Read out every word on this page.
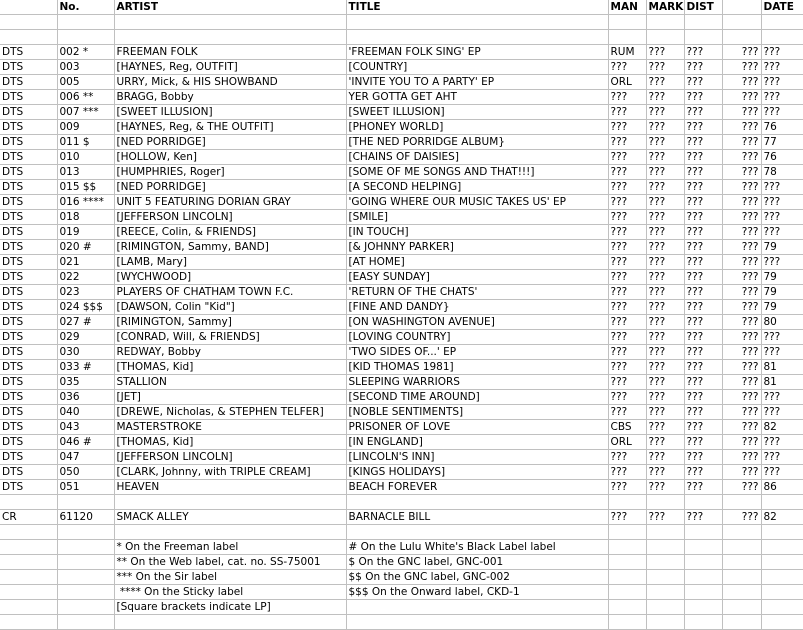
	No.	ARTIST	TITLE	MAN	MARK	DIST		DATE

DTS	002 *	FREEMAN FOLK	'FREEMAN FOLK SING' EP	RUM	???	???	???	???
DTS	003	[HAYNES, Reg, OUTFIT]	[COUNTRY]	???	???	???	???	???
DTS	005	URRY, Mick, & HIS SHOWBAND	'INVITE YOU TO A PARTY' EP	ORL	???	???	???	???
DTS	006 **	BRAGG, Bobby	YER GOTTA GET AHT	???	???	???	???	???
DTS	007 ***	[SWEET ILLUSION]	[SWEET ILLUSION]	???	???	???	???	???
DTS	009	[HAYNES, Reg, & THE OUTFIT]	[PHONEY WORLD]	???	???	???	???	76
DTS	011 $	[NED PORRIDGE]	[THE NED PORRIDGE ALBUM}	???	???	???	???	77
DTS	010	[HOLLOW, Ken]	[CHAINS OF DAISIES]	???	???	???	???	76
DTS	013	[HUMPHRIES, Roger]	[SOME OF ME SONGS AND THAT!!!]	???	???	???	???	78
DTS	015 $$	[NED PORRIDGE]	[A SECOND HELPING]	???	???	???	???	???
DTS	016 ****	UNIT 5 FEATURING DORIAN GRAY	'GOING WHERE OUR MUSIC TAKES US' EP	???	???	???	???	???
DTS	018	[JEFFERSON LINCOLN]	[SMILE]	???	???	???	???	???
DTS	019	[REECE, Colin, & FRIENDS]	[IN TOUCH]	???	???	???	???	???
DTS	020 #	[RIMINGTON, Sammy, BAND]	[& JOHNNY PARKER]	???	???	???	???	79
DTS	021	[LAMB, Mary]	[AT HOME]	???	???	???	???	???
DTS	022	[WYCHWOOD]	[EASY SUNDAY]	???	???	???	???	79
DTS	023	PLAYERS OF CHATHAM TOWN F.C.	'RETURN OF THE CHATS'	???	???	???	???	79
DTS	024 $$$	[DAWSON, Colin "Kid"]	[FINE AND DANDY}	???	???	???	???	79
DTS	027 #	[RIMINGTON, Sammy]	[ON WASHINGTON AVENUE]	???	???	???	???	80
DTS	029	[CONRAD, Will, & FRIENDS]	[LOVING COUNTRY]	???	???	???	???	???
DTS	030	REDWAY, Bobby	'TWO SIDES OF...' EP	???	???	???	???	???
DTS	033 #	[THOMAS, Kid]	[KID THOMAS 1981]	???	???	???	???	81
DTS	035	STALLION	SLEEPING WARRIORS	???	???	???	???	81
DTS	036	[JET]	[SECOND TIME AROUND]	???	???	???	???	???
DTS	040	[DREWE, Nicholas, & STEPHEN TELFER]	[NOBLE SENTIMENTS]	???	???	???	???	???
DTS	043	MASTERSTROKE	PRISONER OF LOVE	CBS	???	???	???	82
DTS	046 #	[THOMAS, Kid]	[IN ENGLAND]	ORL	???	???	???	???
DTS	047	[JEFFERSON LINCOLN]	[LINCOLN'S INN]	???	???	???	???	???
DTS	050	[CLARK, Johnny, with TRIPLE CREAM]	[KINGS HOLIDAYS]	???	???	???	???	???
DTS	051	HEAVEN	BEACH FOREVER	???	???	???	???	86

CR	61120	SMACK ALLEY	BARNACLE BILL	???	???	???	???	82

		* On the Freeman label	# On the Lulu White's Black Label label					
		** On the Web label, cat. no. SS-75001	$ On the GNC label, GNC-001					
		*** On the Sir label	$$ On the GNC label, GNC-002					
		**** On the Sticky label	$$$ On the Onward label, CKD-1					
		[Square brackets indicate LP]						
